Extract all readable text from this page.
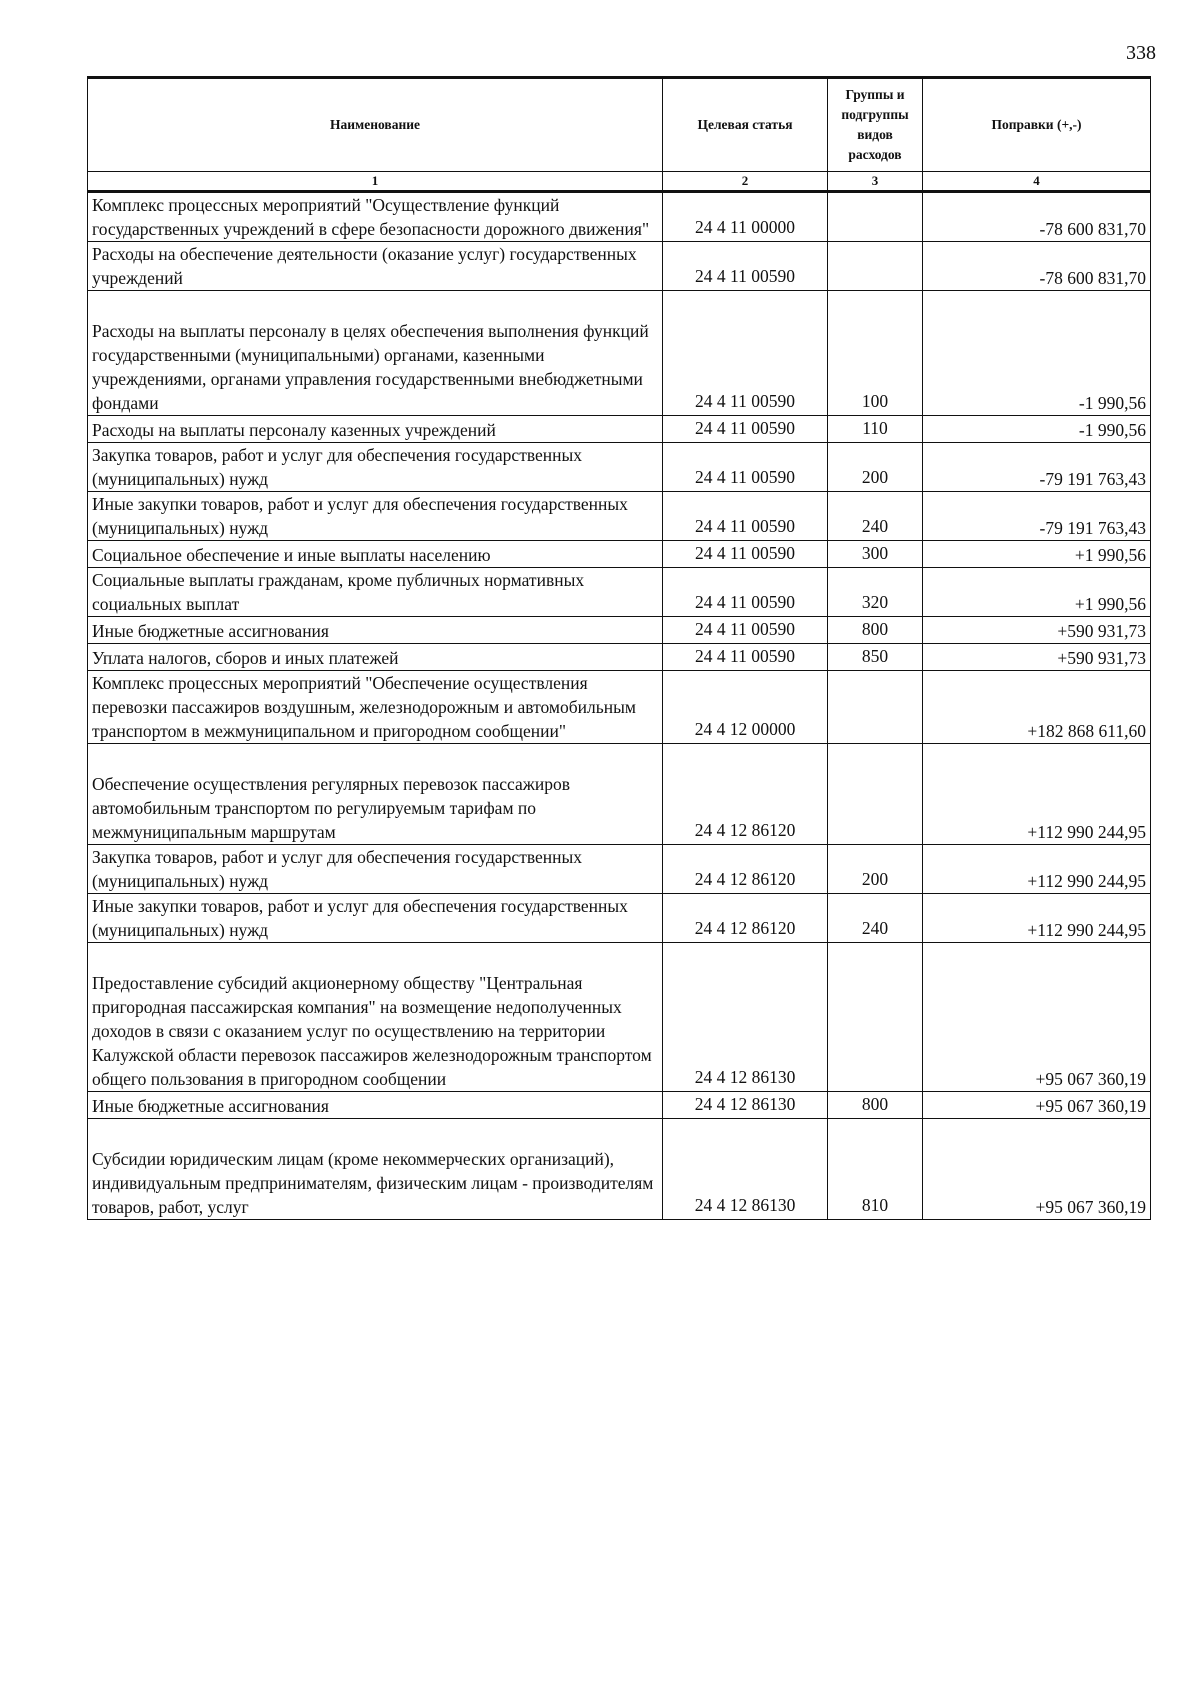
338
Наименование	Целевая статья	Группы и подгруппы видов расходов	Поправки (+,-)
1	2	3	4
Комплекс процессных мероприятий "Осуществление функций государственных учреждений в сфере безопасности дорожного движения"	24 4 11 00000		-78 600 831,70
Расходы на обеспечение деятельности (оказание услуг) государственных учреждений	24 4 11 00590		-78 600 831,70
Расходы на выплаты персоналу в целях обеспечения выполнения функций государственными (муниципальными) органами, казенными учреждениями, органами управления государственными внебюджетными фондами	24 4 11 00590	100	-1 990,56
Расходы на выплаты персоналу казенных учреждений	24 4 11 00590	110	-1 990,56
Закупка товаров, работ и услуг для обеспечения государственных (муниципальных) нужд	24 4 11 00590	200	-79 191 763,43
Иные закупки товаров, работ и услуг для обеспечения государственных (муниципальных) нужд	24 4 11 00590	240	-79 191 763,43
Социальное обеспечение и иные выплаты населению	24 4 11 00590	300	+1 990,56
Социальные выплаты гражданам, кроме публичных нормативных социальных выплат	24 4 11 00590	320	+1 990,56
Иные бюджетные ассигнования	24 4 11 00590	800	+590 931,73
Уплата налогов, сборов и иных платежей	24 4 11 00590	850	+590 931,73
Комплекс процессных мероприятий "Обеспечение осуществления перевозки пассажиров воздушным, железнодорожным и автомобильным транспортом в межмуниципальном и пригородном сообщении"	24 4 12 00000		+182 868 611,60
Обеспечение осуществления регулярных перевозок пассажиров автомобильным транспортом по регулируемым тарифам по межмуниципальным маршрутам	24 4 12 86120		+112 990 244,95
Закупка товаров, работ и услуг для обеспечения государственных (муниципальных) нужд	24 4 12 86120	200	+112 990 244,95
Иные закупки товаров, работ и услуг для обеспечения государственных (муниципальных) нужд	24 4 12 86120	240	+112 990 244,95
Предоставление субсидий акционерному обществу "Центральная пригородная пассажирская компания" на возмещение недополученных доходов в связи с оказанием услуг по осуществлению на территории Калужской области перевозок пассажиров железнодорожным транспортом общего пользования в пригородном сообщении	24 4 12 86130		+95 067 360,19
Иные бюджетные ассигнования	24 4 12 86130	800	+95 067 360,19
Субсидии юридическим лицам (кроме некоммерческих организаций), индивидуальным предпринимателям, физическим лицам - производителям товаров, работ, услуг	24 4 12 86130	810	+95 067 360,19
